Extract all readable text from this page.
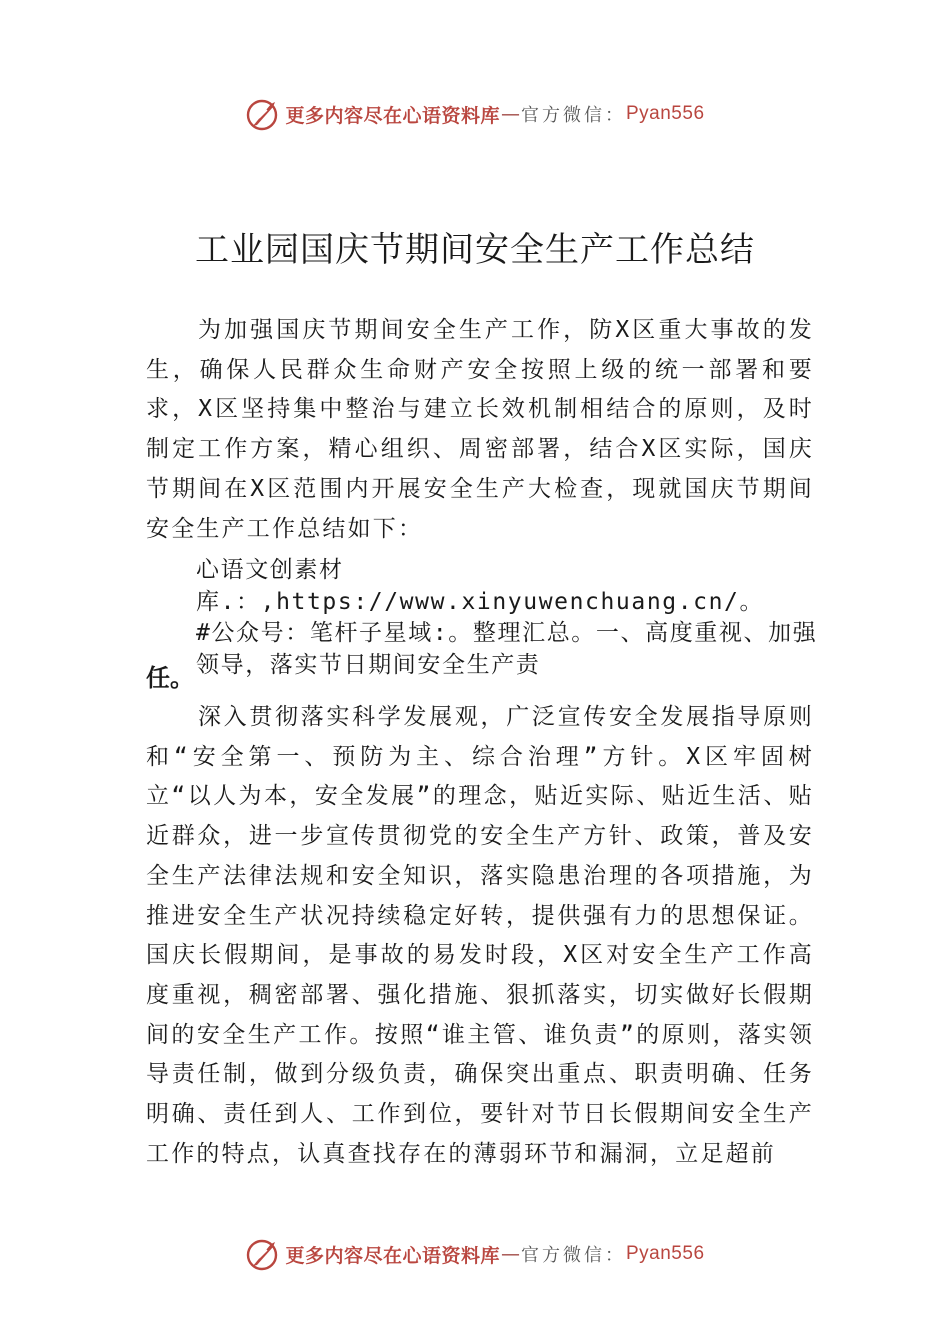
更多内容尽在心语资料库 — 官方微信： Pyan556
工业园国庆节期间安全生产工作总结

为加强国庆节期间安全生产工作，防X区重大事故的发生，确保人民群众生命财产安全按照上级的统一部署和要求，X区坚持集中整治与建立长效机制相结合的原则，及时制定工作方案，精心组织、周密部署，结合X区实际，国庆节期间在X区范围内开展安全生产大检查，现就国庆节期间安全生产工作总结如下：

心语文创素材库.：,https://www.xinyuwenchuang.cn/。
#公众号：笔杆子星域:。整理汇总。一、高度重视、加强
领导，落实节日期间安全生产责

任。

深入贯彻落实科学发展观，广泛宣传安全发展指导原则和“安全第一、预防为主、综合治理”方针。X区牢固树立“以人为本，安全发展”的理念，贴近实际、贴近生活、贴近群众，进一步宣传贯彻党的安全生产方针、政策，普及安全生产法律法规和安全知识，落实隐患治理的各项措施，为推进安全生产状况持续稳定好转，提供强有力的思想保证。国庆长假期间，是事故的易发时段，X区对安全生产工作高度重视，稠密部署、强化措施、狠抓落实，切实做好长假期间的安全生产工作。按照“谁主管、谁负责”的原则，落实领导责任制，做到分级负责，确保突出重点、职责明确、任务明确、责任到人、工作到位，要针对节日长假期间安全生产工作的特点，认真查找存在的薄弱环节和漏洞，立足超前

更多内容尽在心语资料库 — 官方微信： Pyan556
